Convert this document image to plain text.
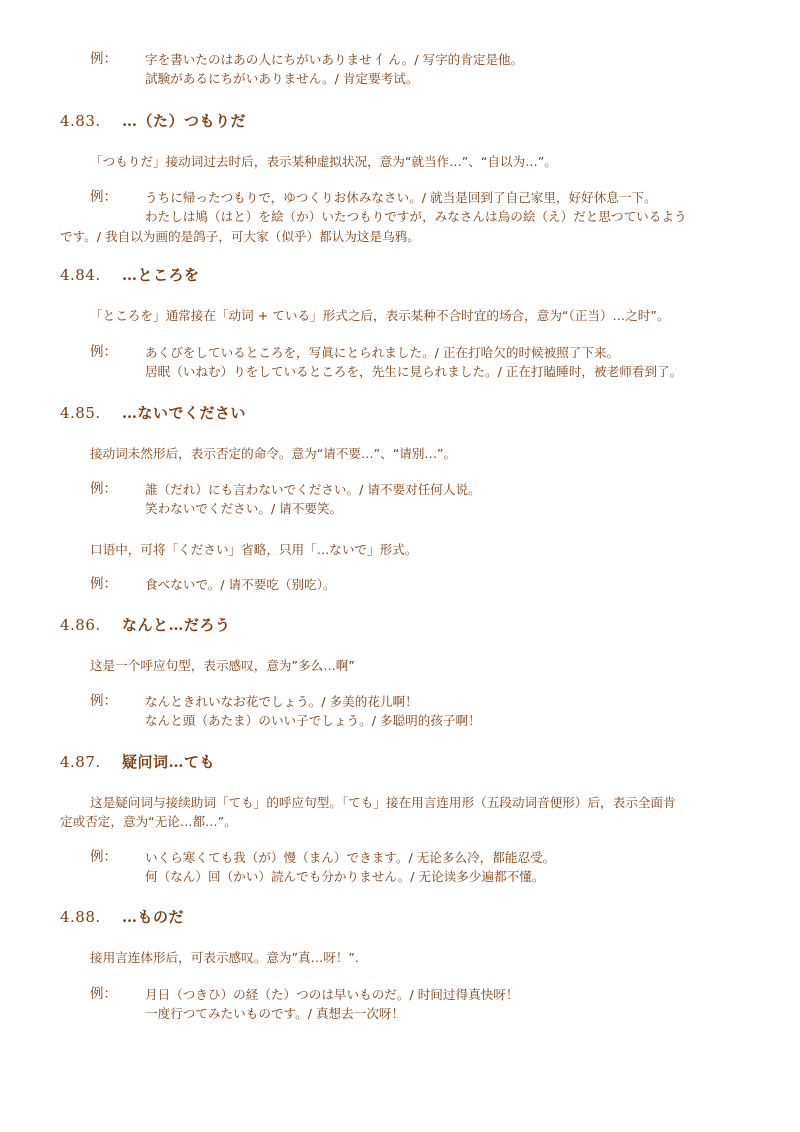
例：	字を書いたのはあの人にちがいありませ ⺅ん。/ 写字的肯定是他。
試験があるにちがいありません。/ 肯定要考试。
4.83. …（た）つもりだ
「つもりだ」接动词过去时后，表示某种虚拟状况，意为“就当作…”、“自以为…”。
例：	うちに帰ったつもりで，ゆつくりお休みなさい。/ 就当是回到了自己家里，好好休息一下。
わたしは鳩（はと）を絵（か）いたつもりですが，みなさんは烏の絵（え）だと思つているよう
です。/ 我自以为画的是鸽子，可大家（似乎）都认为这是乌鸦。
4.84. …ところを
「ところを」通常接在「动词 + ている」形式之后，表示某种不合时宜的场合，意为“（正当）…之时”。
例：	あくびをしているところを，写眞にとられました。/ 正在打哈欠的时候被照了下来。
居眠（いねむ）りをしているところを，先生に見られました。/ 正在打瞌睡时，被老师看到了。
4.85. …ないでください
接动词未然形后，表示否定的命令。意为“请不要…”、“请别…”。
例：	誰（だれ）にも言わないでください。/ 请不要对任何人说。
笑わないでください。/ 请不要笑。
口语中，可将「ください」省略，只用「…ないで」形式。
例：	食べないで。/ 请不要吃（别吃）。
4.86. なんと…だろう
这是一个呼应句型，表示感叹，意为”多么…啊”
例：	なんときれいなお花でしょう。/ 多美的花儿啊！
なんと頭（あたま）のいい子でしょう。/ 多聪明的孩子啊！
4.87. 疑问词…ても
这是疑问词与接续助词「ても」的呼应句型。「ても」接在用言连用形（五段动词音便形）后，表示全面肯
定或否定，意为“无论…都…”。
例：	いくら寒くても我（が）慢（まん）できます。/ 无论多么冷，都能忍受。
何（なん）回（かい）読んでも分かりません。/ 无论读多少遍都不懂。
4.88. …ものだ
接用言连体形后，可表示感叹。意为”真…呀！”.
例：	月日（つきひ）の経（た）つのは早いものだ。/ 时间过得真快呀！
一度行つてみたいものです。/ 真想去一次呀！
